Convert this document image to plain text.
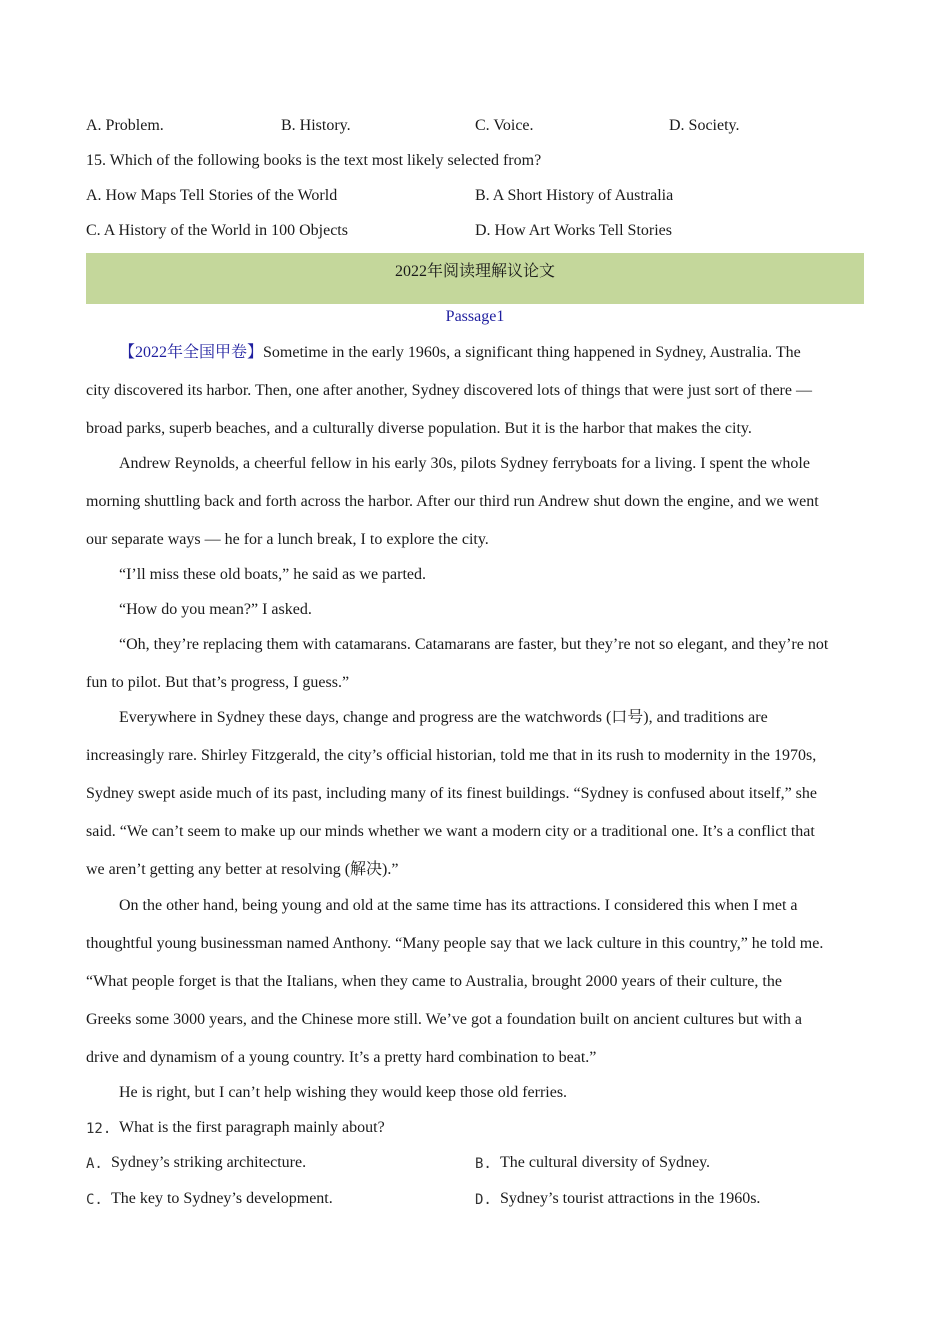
A. Problem.	B. History.	C. Voice.	D. Society.
15. Which of the following books is the text most likely selected from?
A. How Maps Tell Stories of the World	B. A Short History of Australia
C. A History of the World in 100 Objects	D. How Art Works Tell Stories
2022年阅读理解议论文
Passage1
【2022年全国甲卷】Sometime in the early 1960s, a significant thing happened in Sydney, Australia. The
city discovered its harbor. Then, one after another, Sydney discovered lots of things that were just sort of there —
broad parks, superb beaches, and a culturally diverse population. But it is the harbor that makes the city.
Andrew Reynolds, a cheerful fellow in his early 30s, pilots Sydney ferryboats for a living. I spent the whole
morning shuttling back and forth across the harbor. After our third run Andrew shut down the engine, and we went
our separate ways — he for a lunch break, I to explore the city.
“I’ll miss these old boats,” he said as we parted.
“How do you mean?” I asked.
“Oh, they’re replacing them with catamarans. Catamarans are faster, but they’re not so elegant, and they’re not
fun to pilot. But that’s progress, I guess.”
Everywhere in Sydney these days, change and progress are the watchwords (口号), and traditions are
increasingly rare. Shirley Fitzgerald, the city’s official historian, told me that in its rush to modernity in the 1970s,
Sydney swept aside much of its past, including many of its finest buildings. “Sydney is confused about itself,” she
said. “We can’t seem to make up our minds whether we want a modern city or a traditional one. It’s a conflict that
we aren’t getting any better at resolving (解决).”
On the other hand, being young and old at the same time has its attractions. I considered this when I met a
thoughtful young businessman named Anthony. “Many people say that we lack culture in this country,” he told me.
“What people forget is that the Italians, when they came to Australia, brought 2000 years of their culture, the
Greeks some 3000 years, and the Chinese more still. We’ve got a foundation built on ancient cultures but with a
drive and dynamism of a young country. It’s a pretty hard combination to beat.”
He is right, but I can’t help wishing they would keep those old ferries.
12. What is the first paragraph mainly about?
A. Sydney’s striking architecture.	B. The cultural diversity of Sydney.
C. The key to Sydney’s development.	D. Sydney’s tourist attractions in the 1960s.
